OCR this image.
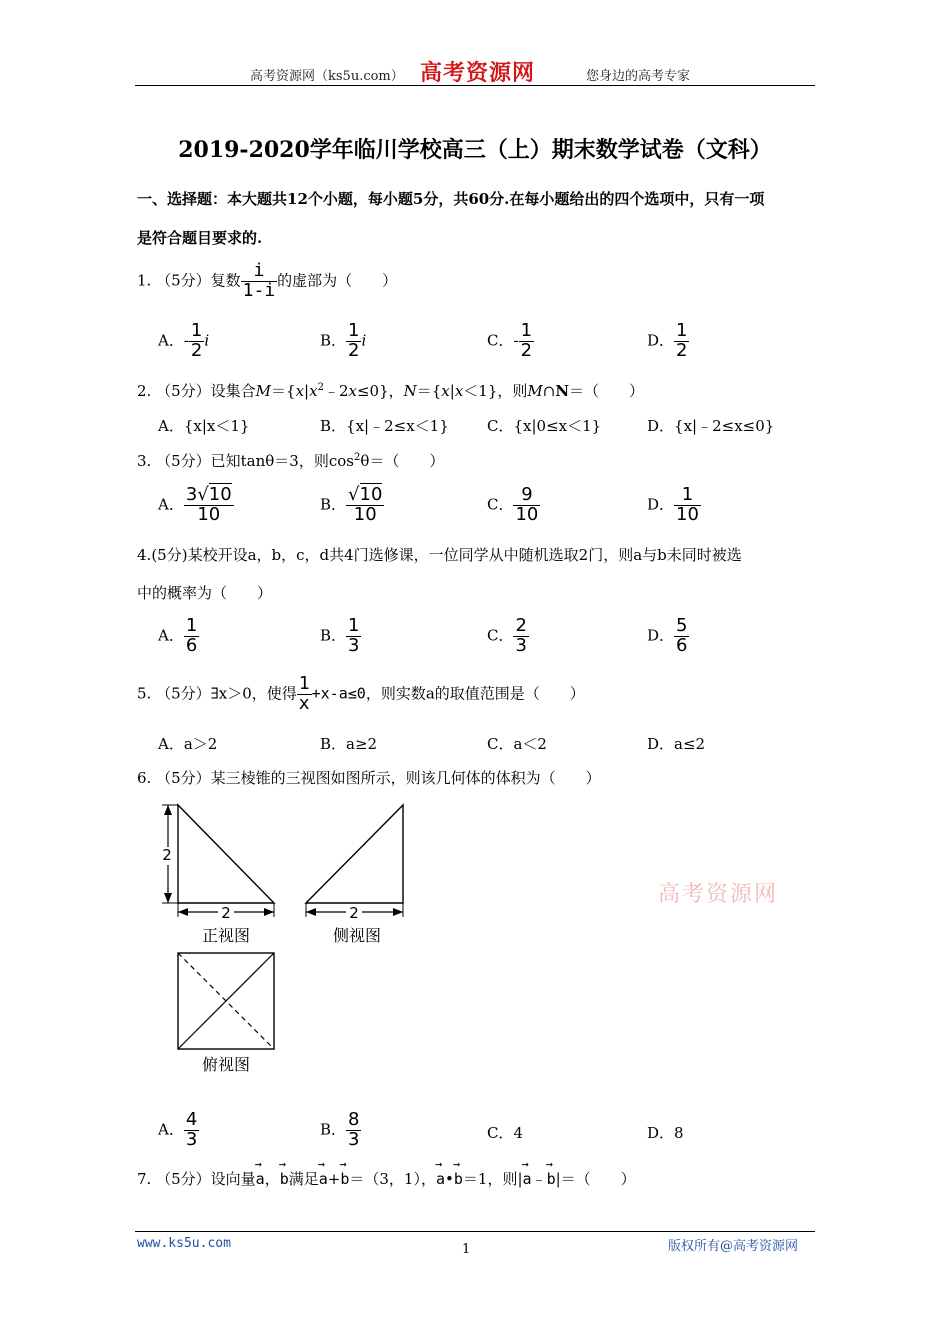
高考资源网（ks5u.com） 高考资源网	您身边的高考专家
2019-2020学年临川学校高三（上）期末数学试卷（文科）
一、选择题：本大题共12个小题，每小题5分，共60分.在每小题给出的四个选项中，只有一项
是符合题目要求的.
1. （5分）复数 $\frac{i}{1-i}$ 的虚部为（　　）
A．- $\frac{1}{2}$ i	B． $\frac{1}{2}$ i	C．- $\frac{1}{2}$	D． $\frac{1}{2}$
2. （5分）设集合$M=\{x|x^2﹣2x\le 0\}$，N＝{x|x＜1}，则M∩N＝（　　）
A．{x|x＜1}	B．{x|﹣2≤x＜1}	C．{x|0≤x＜1}	D．{x|﹣2≤x≤0}
3. （5分）已知tanθ＝3，则$\cos^2\theta=$（　　）
A． $\frac{3√10}{10}$	B． $\frac{√10}{10}$	C． $\frac{9}{10}$	D． $\frac{1}{10}$
4.(5分)某校开设a，b，c，d共4门选修课，一位同学从中随机选取2门，则a与b未同时被选
中的概率为（　　）
A． $\frac{1}{6}$	B． $\frac{1}{3}$	C． $\frac{2}{3}$	D． $\frac{5}{6}$
5. （5分）∃x＞0，使得 $\frac{1}{x} +x-a\le 0$，则实数a的取值范围是（　　）
A．a＞2	B．a≥2	C．a＜2	D．a≤2
6. （5分）某三棱锥的三视图如图所示，则该几何体的体积为（　　）
2
2
正视图
2
侧视图
俯视图
高考资源网
A． $\frac{4}{3}$	B． $\frac{8}{3}$	C．4	D．8
7. （5分）设向量→ a，→ b满足→ a+→ b＝（3，1），→ a•→ b＝1，则|→ a﹣→ b|＝（　　）
www.ks5u.com	1	版权所有@高考资源网
